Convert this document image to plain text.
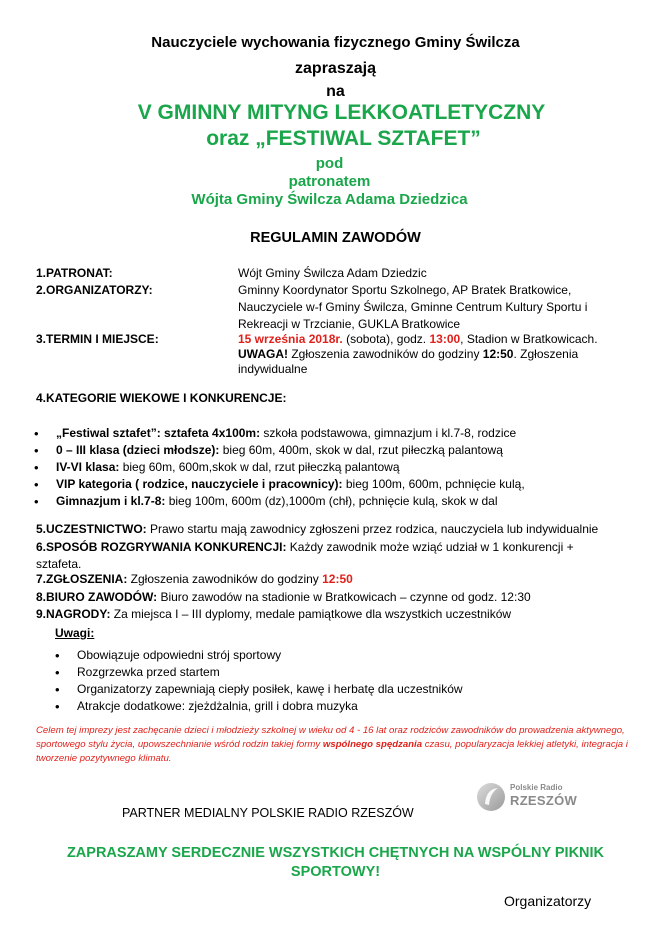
Nauczyciele wychowania fizycznego Gminy Świlcza
zapraszają
na
V GMINNY MITYNG LEKKOATLETYCZNY
oraz „FESTIWAL SZTAFET”
pod
patronatem
Wójta Gminy Świlcza Adama Dziedzica
REGULAMIN ZAWODÓW
1.PATRONAT:	Wójt Gminy Świlcza Adam Dziedzic
2.ORGANIZATORZY:	Gminny Koordynator Sportu Szkolnego, AP Bratek Bratkowice,
Nauczyciele w-f Gminy Świlcza, Gminne Centrum Kultury Sportu i
Rekreacji w Trzcianie, GUKLA Bratkowice
3.TERMIN I MIEJSCE:	15 września 2018r. (sobota), godz. 13:00, Stadion w Bratkowicach.
UWAGA! Zgłoszenia zawodników do godziny 12:50. Zgłoszenia
indywidualne
4.KATEGORIE WIEKOWE I KONKURENCJE:
• „Festiwal sztafet”: sztafeta 4x100m: szkoła podstawowa, gimnazjum i kl.7-8, rodzice
• 0 – III klasa (dzieci młodsze): bieg 60m, 400m, skok w dal, rzut piłeczką palantową
• IV-VI klasa: bieg 60m, 600m,skok w dal, rzut piłeczką palantową
• VIP kategoria ( rodzice, nauczyciele i pracownicy): bieg 100m, 600m, pchnięcie kulą,
• Gimnazjum i kl.7-8: bieg 100m, 600m (dz),1000m (chł), pchnięcie kulą, skok w dal
5.UCZESTNICTWO: Prawo startu mają zawodnicy zgłoszeni przez rodzica, nauczyciela lub indywidualnie
6.SPOSÓB ROZGRYWANIA KONKURENCJI: Każdy zawodnik może wziąć udział w 1 konkurencji +
sztafeta.
7.ZGŁOSZENIA: Zgłoszenia zawodników do godziny 12:50
8.BIURO ZAWODÓW: Biuro zawodów na stadionie w Bratkowicach – czynne od godz. 12:30
9.NAGRODY: Za miejsca I – III dyplomy, medale pamiątkowe dla wszystkich uczestników
Uwagi:
• Obowiązuje odpowiedni strój sportowy
• Rozgrzewka przed startem
• Organizatorzy zapewniają ciepły posiłek, kawę i herbatę dla uczestników
• Atrakcje dodatkowe: zjeżdżalnia, grill i dobra muzyka
Celem tej imprezy jest zachęcanie dzieci i młodzieży szkolnej w wieku od 4 - 16 lat oraz rodziców zawodników do prowadzenia aktywnego, sportowego stylu życia, upowszechnianie wśród rodzin takiej formy wspólnego spędzania czasu, popularyzacja lekkiej atletyki, integracja i tworzenie pozytywnego klimatu.
PARTNER MEDIALNY POLSKIE RADIO RZESZÓW
Polskie Radio
RZESZÓW
ZAPRASZAMY SERDECZNIE WSZYSTKICH CHĘTNYCH NA WSPÓLNY PIKNIK
SPORTOWY!
Organizatorzy
